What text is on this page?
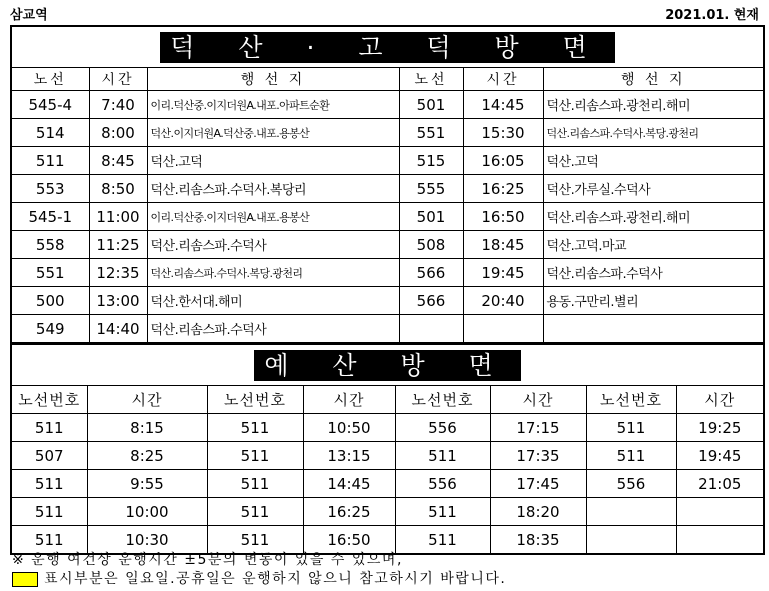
삼교역	2021.01. 현재
덕 산 · 고 덕 방 면					
노선	시간	행 선 지	노선	시간	행 선 지
545-4	7:40	이리.덕산중.이지더원A.내포.아파트순환	501	14:45	덕산.리솜스파.광천리.해미
514	8:00	덕산.이지더원A.덕산중.내포.용봉산	551	15:30	덕산.리솜스파.수덕사.복당.광천리
511	8:45	덕산.고덕	515	16:05	덕산.고덕
553	8:50	덕산.리솜스파.수덕사.복당리	555	16:25	덕산.가루실.수덕사
545-1	11:00	이리.덕산중.이지더원A.내포.용봉산	501	16:50	덕산.리솜스파.광천리.해미
558	11:25	덕산.리솜스파.수덕사	508	18:45	덕산.고덕.마교
551	12:35	덕산.리솜스파.수덕사.복당.광천리	566	19:45	덕산.리솜스파.수덕사
500	13:00	덕산.한서대.해미	566	20:40	용동.구만리.별리
549	14:40	덕산.리솜스파.수덕사			
예 산 방 면							
노선번호	시간	노선번호	시간	노선번호	시간	노선번호	시간
511	8:15	511	10:50	556	17:15	511	19:25
507	8:25	511	13:15	511	17:35	511	19:45
511	9:55	511	14:45	556	17:45	556	21:05
511	10:00	511	16:25	511	18:20		
511	10:30	511	16:50	511	18:35		
※ 운행 여건상 운행시간 ±5분의 변동이 있을 수 있으며,
표시부분은 일요일.공휴일은 운행하지 않으니 참고하시기 바랍니다.
